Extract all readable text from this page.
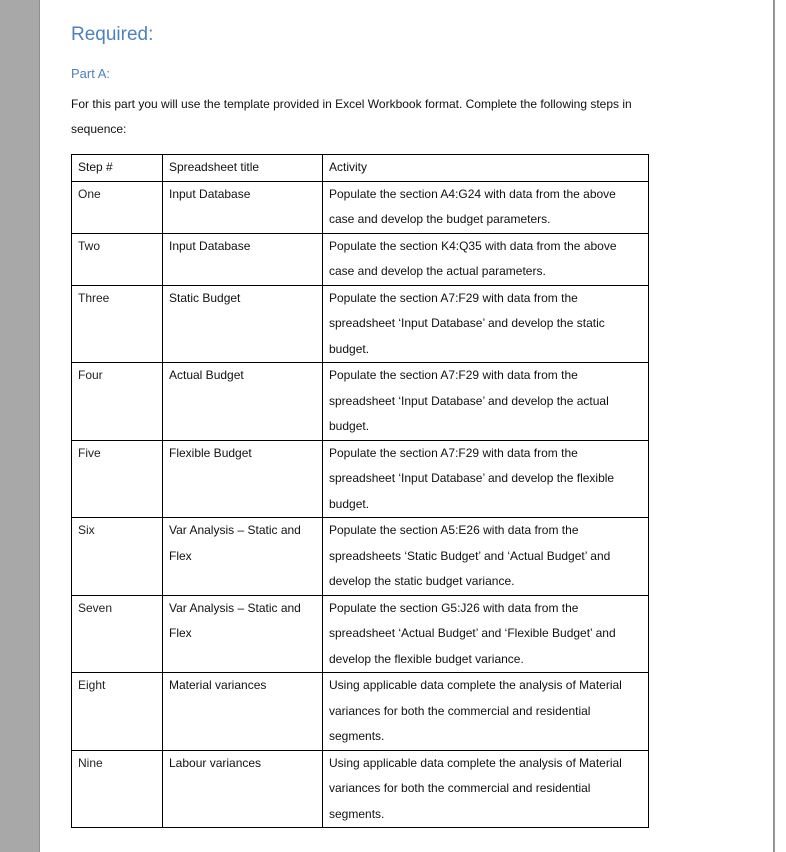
Required:
Part A:
For this part you will use the template provided in Excel Workbook format. Complete the following steps in sequence:
Step #	Spreadsheet title	Activity
One	Input Database	Populate the section A4:G24 with data from the above case and develop the budget parameters.
Two	Input Database	Populate the section K4:Q35 with data from the above case and develop the actual parameters.
Three	Static Budget	Populate the section A7:F29 with data from the spreadsheet ‘Input Database’ and develop the static budget.
Four	Actual Budget	Populate the section A7:F29 with data from the spreadsheet ‘Input Database’ and develop the actual budget.
Five	Flexible Budget	Populate the section A7:F29 with data from the spreadsheet ‘Input Database’ and develop the flexible budget.
Six	Var Analysis – Static and Flex	Populate the section A5:E26 with data from the spreadsheets ‘Static Budget’ and ‘Actual Budget’ and develop the static budget variance.
Seven	Var Analysis – Static and Flex	Populate the section G5:J26 with data from the spreadsheet ‘Actual Budget’ and ‘Flexible Budget’ and develop the flexible budget variance.
Eight	Material variances	Using applicable data complete the analysis of Material variances for both the commercial and residential segments.
Nine	Labour variances	Using applicable data complete the analysis of Material variances for both the commercial and residential segments.
